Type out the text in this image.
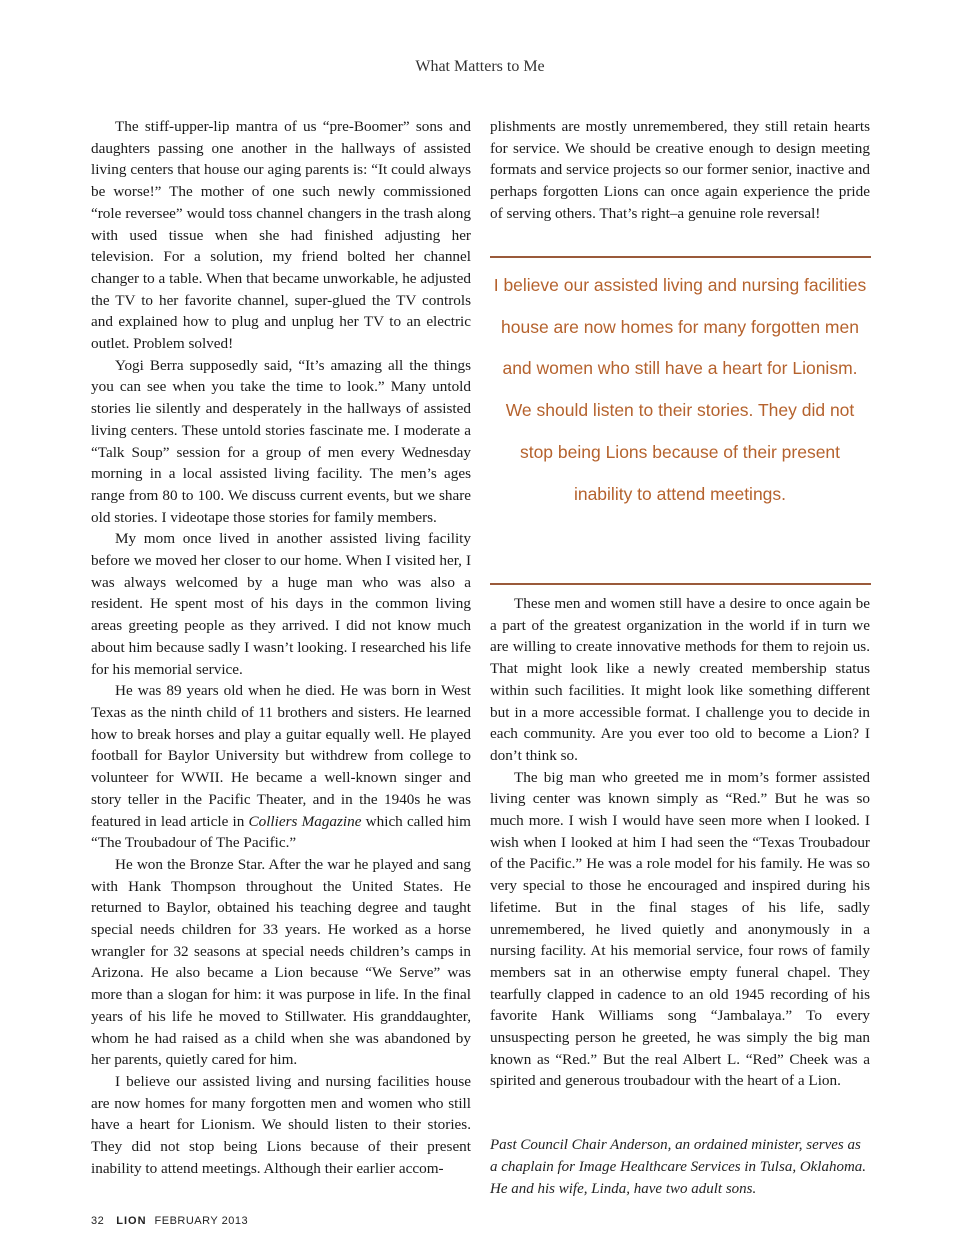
What Matters to Me

The stiff-upper-lip mantra of us “pre-Boomer” sons and daughters passing one another in the hallways of assisted living centers that house our aging parents is: “It could always be worse!” The mother of one such newly commissioned “role reversee” would toss channel changers in the trash along with used tissue when she had finished adjusting her television. For a solution, my friend bolted her channel changer to a table. When that became unworkable, he adjusted the TV to her favorite channel, super-glued the TV controls and explained how to plug and unplug her TV to an electric outlet. Problem solved!

Yogi Berra supposedly said, “It’s amazing all the things you can see when you take the time to look.” Many untold stories lie silently and desperately in the hallways of assisted living centers. These untold stories fascinate me. I moderate a “Talk Soup” session for a group of men every Wednesday morning in a local assisted living facility. The men’s ages range from 80 to 100. We discuss current events, but we share old stories. I videotape those stories for family members.

My mom once lived in another assisted living facility before we moved her closer to our home. When I visited her, I was always welcomed by a huge man who was also a resident. He spent most of his days in the common living areas greeting people as they arrived. I did not know much about him because sadly I wasn’t looking. I researched his life for his memorial service.

He was 89 years old when he died. He was born in West Texas as the ninth child of 11 brothers and sisters. He learned how to break horses and play a guitar equally well. He played football for Baylor University but withdrew from college to volunteer for WWII. He became a well-known singer and story teller in the Pacific Theater, and in the 1940s he was featured in lead article in Colliers Magazine which called him “The Troubadour of The Pacific.”

He won the Bronze Star. After the war he played and sang with Hank Thompson throughout the United States. He returned to Baylor, obtained his teaching degree and taught special needs children for 33 years. He worked as a horse wrangler for 32 seasons at special needs children’s camps in Arizona. He also became a Lion because “We Serve” was more than a slogan for him: it was purpose in life. In the final years of his life he moved to Stillwater. His granddaughter, whom he had raised as a child when she was abandoned by her parents, quietly cared for him.

I believe our assisted living and nursing facilities house are now homes for many forgotten men and women who still have a heart for Lionism. We should listen to their stories. They did not stop being Lions because of their present inability to attend meetings. Although their earlier accom-

plishments are mostly unremembered, they still retain hearts for service. We should be creative enough to design meeting formats and service projects so our former senior, inactive and perhaps forgotten Lions can once again experience the pride of serving others. That’s right–a genuine role reversal!

I believe our assisted living and nursing facilities house are now homes for many forgotten men and women who still have a heart for Lionism. We should listen to their stories. They did not stop being Lions because of their present inability to attend meetings.

These men and women still have a desire to once again be a part of the greatest organization in the world if in turn we are willing to create innovative methods for them to rejoin us. That might look like a newly created membership status within such facilities. It might look like something different but in a more accessible format. I challenge you to decide in each community. Are you ever too old to become a Lion? I don’t think so.

The big man who greeted me in mom’s former assisted living center was known simply as “Red.” But he was so much more. I wish I would have seen more when I looked. I wish when I looked at him I had seen the “Texas Troubadour of the Pacific.” He was a role model for his family. He was so very special to those he encouraged and inspired during his lifetime. But in the final stages of his life, sadly unremembered, he lived quietly and anonymously in a nursing facility. At his memorial service, four rows of family members sat in an otherwise empty funeral chapel. They tearfully clapped in cadence to an old 1945 recording of his favorite Hank Williams song “Jambalaya.” To every unsuspecting person he greeted, he was simply the big man known as “Red.” But the real Albert L. “Red” Cheek was a spirited and generous troubadour with the heart of a Lion.

Past Council Chair Anderson, an ordained minister, serves as a chaplain for Image Healthcare Services in Tulsa, Oklahoma. He and his wife, Linda, have two adult sons.
32 LION FEBRUARY 2013
